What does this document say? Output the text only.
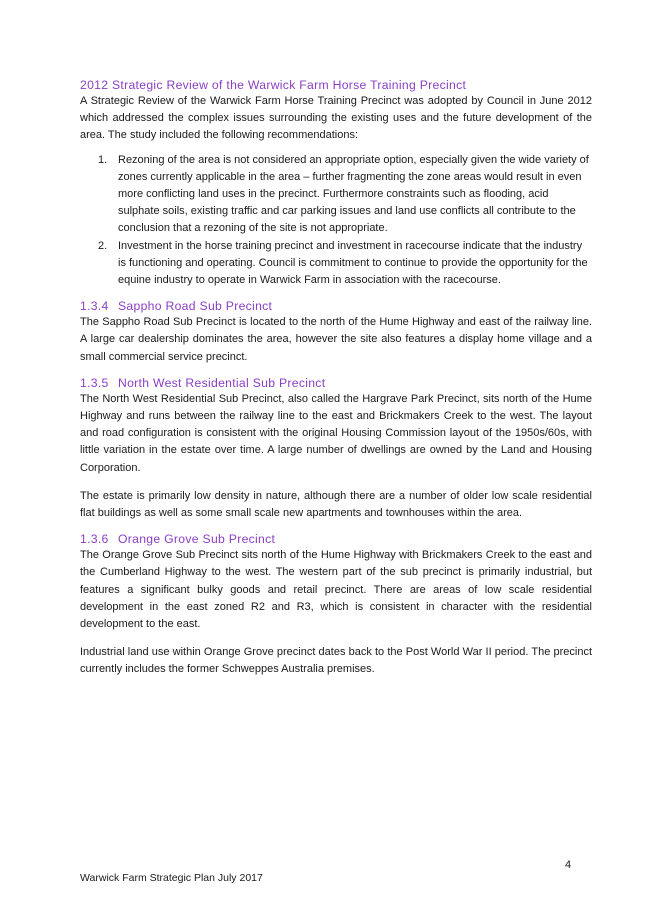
2012 Strategic Review of the Warwick Farm Horse Training Precinct

A Strategic Review of the Warwick Farm Horse Training Precinct was adopted by Council in June 2012 which addressed the complex issues surrounding the existing uses and the future development of the area. The study included the following recommendations:

1. Rezoning of the area is not considered an appropriate option, especially given the wide variety of zones currently applicable in the area – further fragmenting the zone areas would result in even more conflicting land uses in the precinct. Furthermore constraints such as flooding, acid sulphate soils, existing traffic and car parking issues and land use conflicts all contribute to the conclusion that a rezoning of the site is not appropriate.
2. Investment in the horse training precinct and investment in racecourse indicate that the industry is functioning and operating. Council is commitment to continue to provide the opportunity for the equine industry to operate in Warwick Farm in association with the racecourse.
1.3.4 Sappho Road Sub Precinct

The Sappho Road Sub Precinct is located to the north of the Hume Highway and east of the railway line. A large car dealership dominates the area, however the site also features a display home village and a small commercial service precinct.

1.3.5 North West Residential Sub Precinct

The North West Residential Sub Precinct, also called the Hargrave Park Precinct, sits north of the Hume Highway and runs between the railway line to the east and Brickmakers Creek to the west. The layout and road configuration is consistent with the original Housing Commission layout of the 1950s/60s, with little variation in the estate over time. A large number of dwellings are owned by the Land and Housing Corporation.

The estate is primarily low density in nature, although there are a number of older low scale residential flat buildings as well as some small scale new apartments and townhouses within the area.

1.3.6 Orange Grove Sub Precinct

The Orange Grove Sub Precinct sits north of the Hume Highway with Brickmakers Creek to the east and the Cumberland Highway to the west. The western part of the sub precinct is primarily industrial, but features a significant bulky goods and retail precinct. There are areas of low scale residential development in the east zoned R2 and R3, which is consistent in character with the residential development to the east.

Industrial land use within Orange Grove precinct dates back to the Post World War II period. The precinct currently includes the former Schweppes Australia premises.

4
Warwick Farm Strategic Plan July 2017
